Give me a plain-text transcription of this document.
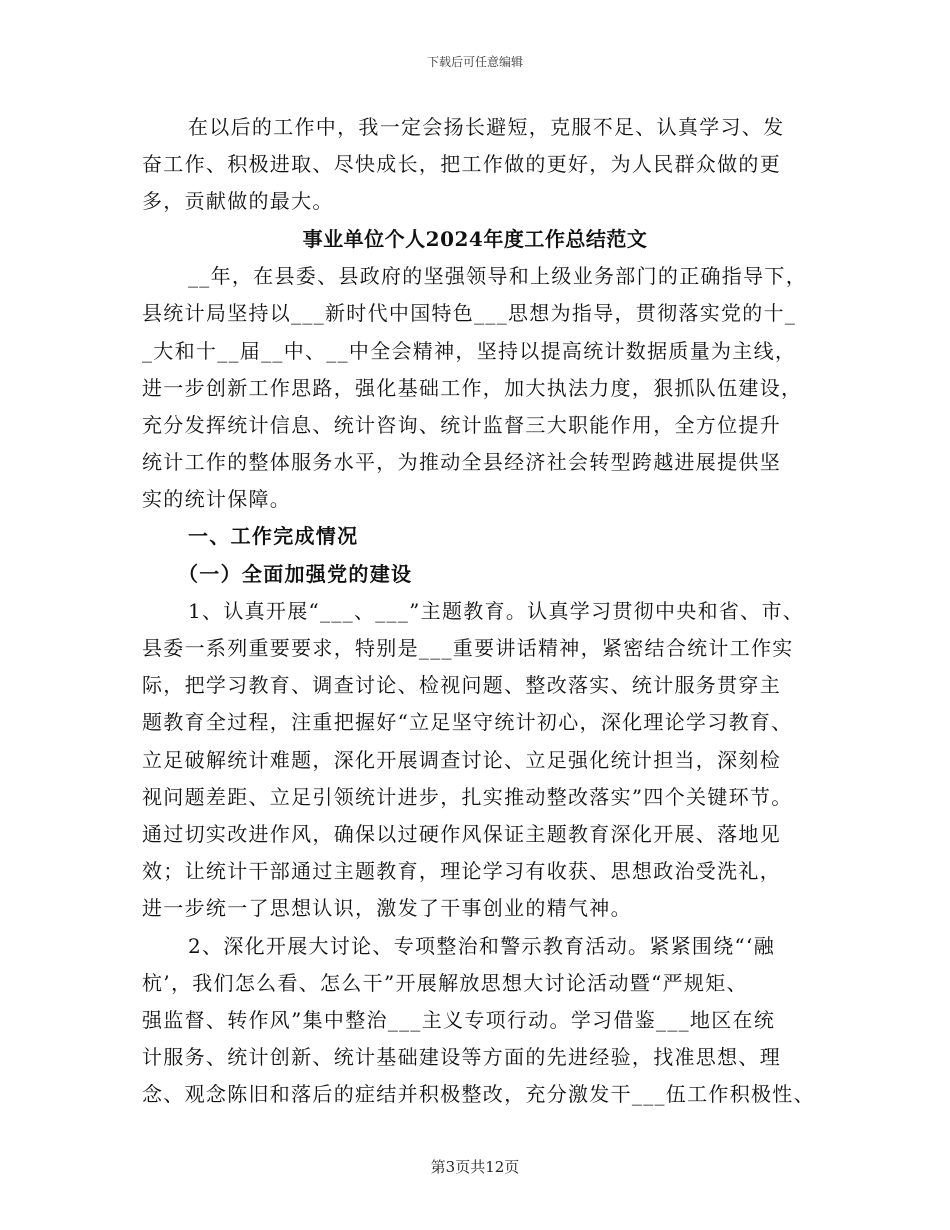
下载后可任意编辑
在以后的工作中，我一定会扬长避短，克服不足、认真学习、发
奋工作、积极进取、尽快成长，把工作做的更好，为人民群众做的更
多，贡献做的最大。
事业单位个人2024年度工作总结范文
__年，在县委、县政府的坚强领导和上级业务部门的正确指导下，
县统计局坚持以___新时代中国特色___思想为指导，贯彻落实党的十_
_大和十__届__中、__中全会精神，坚持以提高统计数据质量为主线，
进一步创新工作思路，强化基础工作，加大执法力度，狠抓队伍建设，
充分发挥统计信息、统计咨询、统计监督三大职能作用，全方位提升
统计工作的整体服务水平，为推动全县经济社会转型跨越进展提供坚
实的统计保障。
一、工作完成情况
（一）全面加强党的建设
1、认真开展“___、___”主题教育。认真学习贯彻中央和省、市、
县委一系列重要要求，特别是___重要讲话精神，紧密结合统计工作实
际，把学习教育、调查讨论、检视问题、整改落实、统计服务贯穿主
题教育全过程，注重把握好“立足坚守统计初心，深化理论学习教育、
立足破解统计难题，深化开展调查讨论、立足强化统计担当，深刻检
视问题差距、立足引领统计进步，扎实推动整改落实”四个关键环节。
通过切实改进作风，确保以过硬作风保证主题教育深化开展、落地见
效；让统计干部通过主题教育，理论学习有收获、思想政治受洗礼，
进一步统一了思想认识，激发了干事创业的精气神。
2、深化开展大讨论、专项整治和警示教育活动。紧紧围绕“‘融
杭’，我们怎么看、怎么干”开展解放思想大讨论活动暨“严规矩、
强监督、转作风”集中整治___主义专项行动。学习借鉴___地区在统
计服务、统计创新、统计基础建设等方面的先进经验，找准思想、理
念、观念陈旧和落后的症结并积极整改，充分激发干___伍工作积极性、
第3页共12页
